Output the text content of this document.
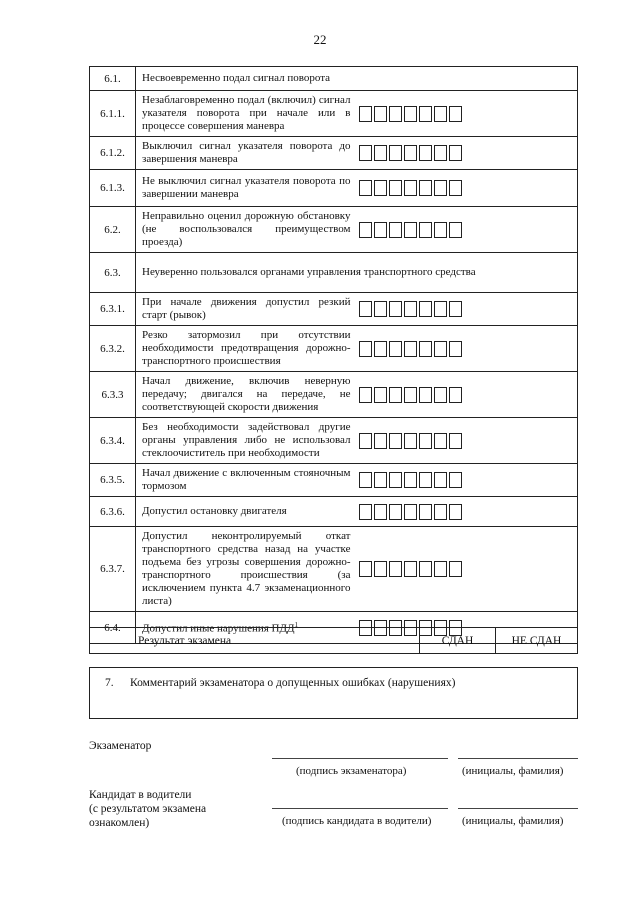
22
6.1.	Несвоевременно подал сигнал поворота	
6.1.1.	Незаблаговременно подал (включил) сигнал указателя поворота при начале или в процессе совершения маневра	

6.1.2.	Выключил сигнал указателя поворота до завершения маневра	

6.1.3.	Не выключил сигнал указателя поворота по завершении маневра	

6.2.	Неправильно оценил дорожную обстановку (не воспользовался преимуществом проезда)	

6.3.	Неуверенно пользовался органами управления транспортного средства	
6.3.1.	При начале движения допустил резкий старт (рывок)	

6.3.2.	Резко затормозил при отсутствии необходимости предотвращения дорожно-транспортного происшествия	

6.3.3	Начал движение, включив неверную передачу; двигался на передаче, не соответствующей скорости движения	

6.3.4.	Без необходимости задействовал другие органы управления либо не использовал стеклоочиститель при необходимости	

6.3.5.	Начал движение с включенным стояночным тормозом	

6.3.6.	Допустил остановку двигателя	

6.3.7.	Допустил неконтролируемый откат транспортного средства назад на участке подъема без угрозы совершения дорожно-транспортного происшествия (за исключением пункта 4.7 экзаменационного листа)	

6.4.	Допустил иные нарушения ПДД$^1$	
Результат экзамена	СДАН	НЕ СДАН
7. Комментарий экзаменатора о допущенных ошибках (нарушениях)
Экзаменатор
(подпись экзаменатора)	(инициалы, фамилия)
Кандидат в водители
(с результатом экзамена
ознакомлен)	(подпись кандидата в водители)	(инициалы, фамилия)
